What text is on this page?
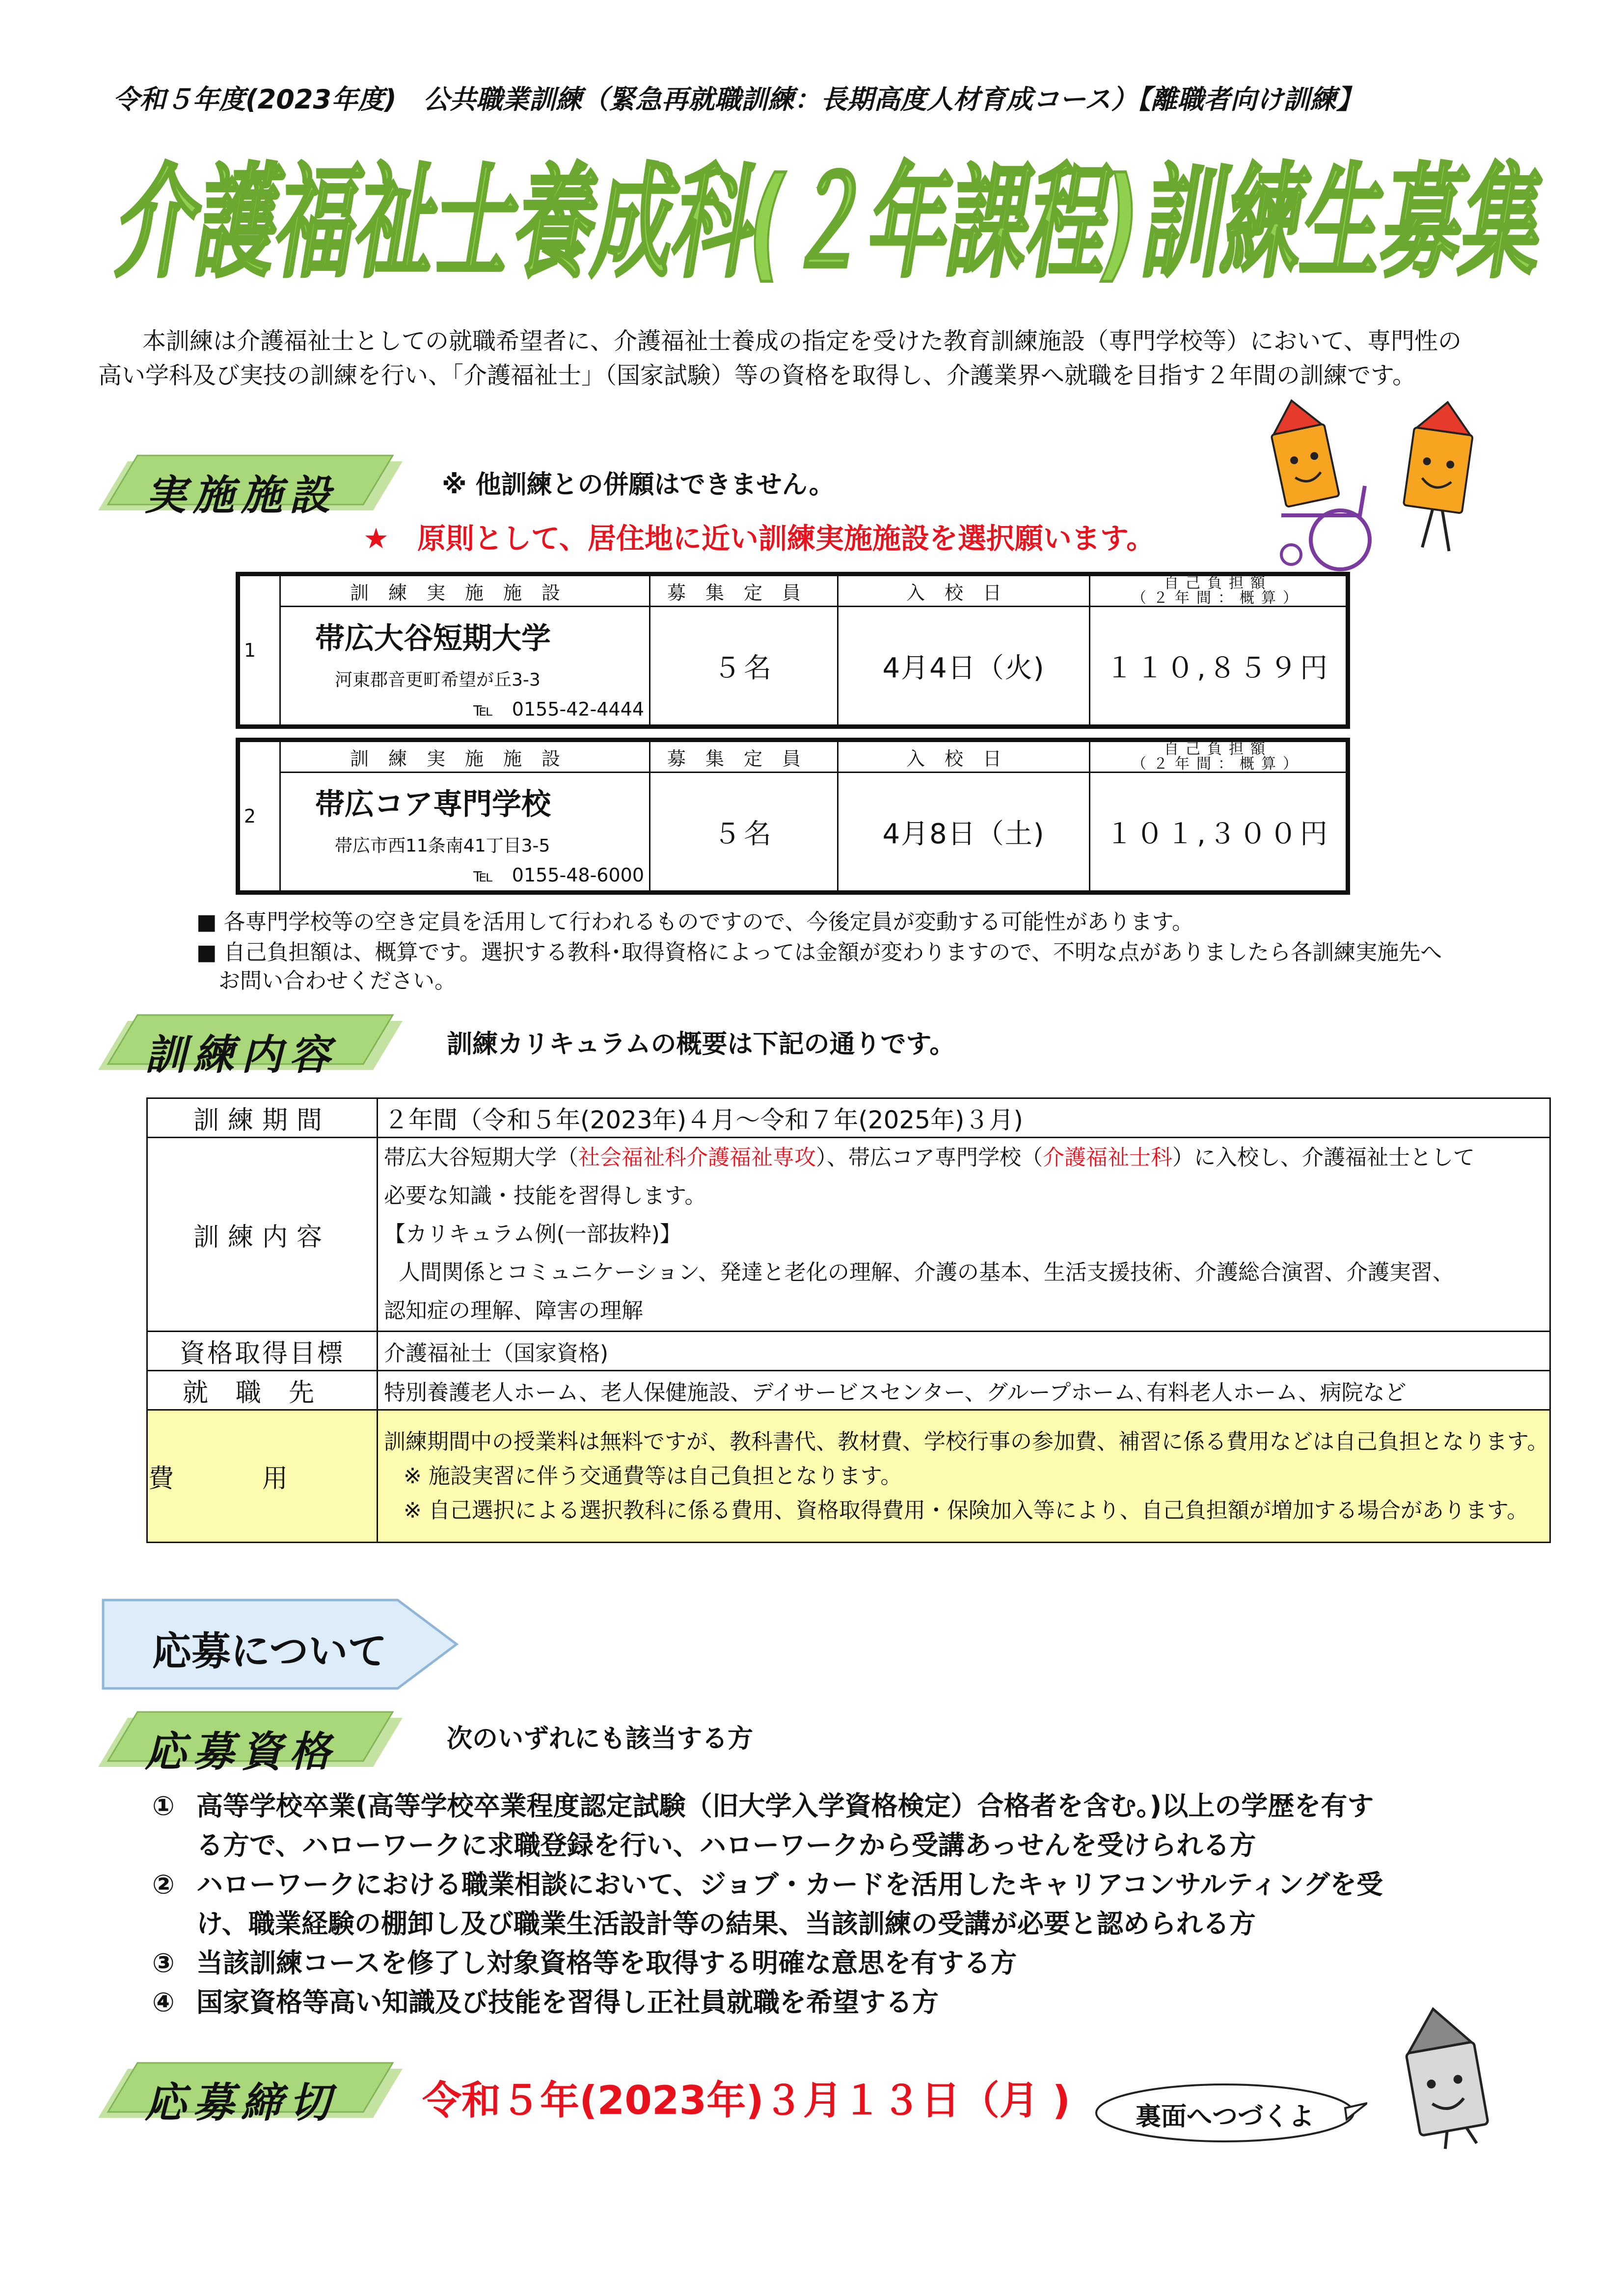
令和５年度(2023年度)　公共職業訓練（緊急再就職訓練：長期高度人材育成コース）【離職者向け訓練】
介護福祉士養成科(２年課程)訓練生募集

本訓練は介護福祉士としての就職希望者に、介護福祉士養成の指定を受けた教育訓練施設（専門学校等）において、専門性の

高い学科及び実技の訓練を行い、「介護福祉士」（国家試験）等の資格を取得し、介護業界へ就職を目指す２年間の訓練です。

実施施設	※ 他訓練との併願はできません。
★　原則として、居住地に近い訓練実施施設を選択願います。
1	訓練実施施設	募集定員	入校日	自己負担額
（２年間：概算）

	帯広大谷短期大学
河東郡音更町希望が丘3-3
℡　0155-42-4444	５名	4月4日（火)	１１０,８５９円
2	訓練実施施設	募集定員	入校日	自己負担額
（２年間：概算）

	帯広コア専門学校
帯広市西11条南41丁目3-5
℡　0155-48-6000	５名	4月8日（土)	１０１,３００円
■ 各専門学校等の空き定員を活用して行われるものですので、今後定員が変動する可能性があります。
■ 自己負担額は、概算です。選択する教科･取得資格によっては金額が変わりますので、不明な点がありましたら各訓練実施先へ
お問い合わせください。
訓練内容	訓練カリキュラムの概要は下記の通りです。
訓練期間	２年間（令和５年(2023年)４月～令和７年(2025年)３月)
訓練内容	帯広大谷短期大学（社会福祉科介護福祉専攻）、帯広コア専門学校（介護福祉士科）に入校し、介護福祉士として
必要な知識・技能を習得します。
【カリキュラム例(一部抜粋)】
人間関係とコミュニケーション、発達と老化の理解、介護の基本、生活支援技術、介護総合演習、介護実習、
認知症の理解、障害の理解

資格取得目標	介護福祉士（国家資格)
就職先	特別養護老人ホーム、老人保健施設、デイサービスセンター、グループホーム､有料老人ホーム、病院など
費用	訓練期間中の授業料は無料ですが、教科書代、教材費、学校行事の参加費、補習に係る費用などは自己負担となります。
※ 施設実習に伴う交通費等は自己負担となります。
※ 自己選択による選択教科に係る費用、資格取得費用・保険加入等により、自己負担額が増加する場合があります。
応募について
応募資格	次のいずれにも該当する方
① 高等学校卒業(高等学校卒業程度認定試験（旧大学入学資格検定）合格者を含む。)以上の学歴を有す
る方で、ハローワークに求職登録を行い、ハローワークから受講あっせんを受けられる方
② ハローワークにおける職業相談において、ジョブ・カードを活用したキャリアコンサルティングを受
け、職業経験の棚卸し及び職業生活設計等の結果、当該訓練の受講が必要と認められる方
③ 当該訓練コースを修了し対象資格等を取得する明確な意思を有する方
④ 国家資格等高い知識及び技能を習得し正社員就職を希望する方
応募締切 令和５年(2023年)３月１３日（月 )	裏面へつづくよ
